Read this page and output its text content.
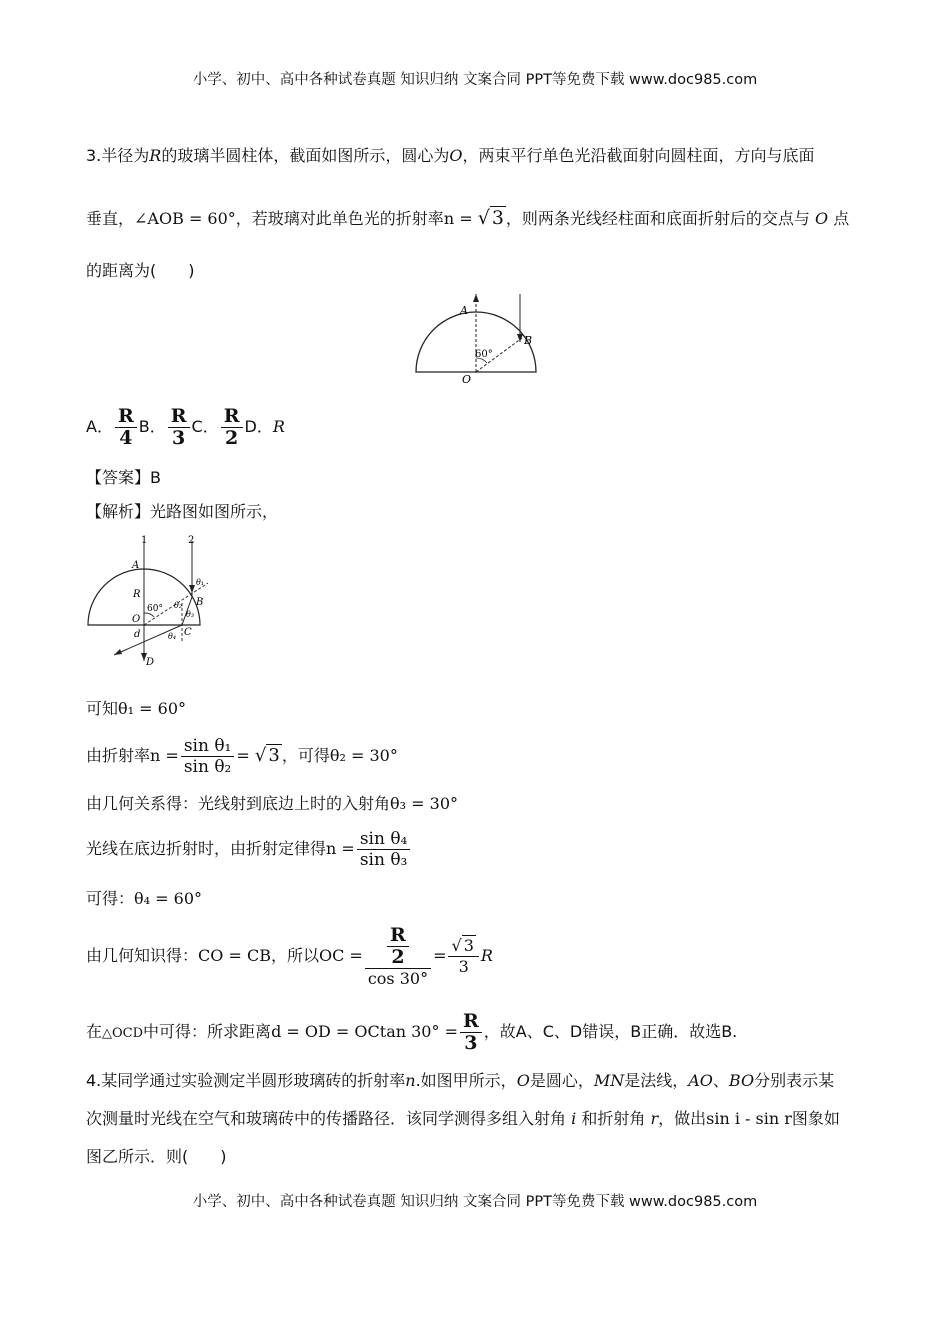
小学、初中、高中各种试卷真题 知识归纳 文案合同 PPT等免费下载 www.doc985.com
3.半径为R的玻璃半圆柱体，截面如图所示，圆心为O，两束平行单色光沿截面射向圆柱面，方向与底面
垂直，∠AOB = 60°，若玻璃对此单色光的折射率n = √ 3 ，则两条光线经柱面和底面折射后的交点与 O 点
的距离为(　　)
A
B
O
60°
A． $\frac{R}{4}$ B． $\frac{R}{3}$ C． $\frac{R}{2}$ D．R
【答案】B
【解析】光路图如图所示，
1	2
A
R
B
O
d	C
D
60°
θ₁
θ₂
θ₃
θ₄
可知θ₁ = 60°
由折射率$n = \frac{\text{sin θ₁}}{\text{sin θ₂}}$ = √ 3 ，可得θ₂ = 30°
由几何关系得：光线射到底边上时的入射角θ₃ = 30°
光线在底边折射时，由折射定律得$n = \frac{\text{sin θ₄}}{\text{sin θ₃}}$
可得：θ₄ = 60°
由几何知识得：CO = CB，所以OC = $\frac{\frac{R}{2}}{\cos 30^\circ} = \frac{√ 3}{3}$ R
在△OCD中可得：所求距离d = OD = OCtan $30^\circ = \frac{R}{3}$ ，故A、C、D错误，B正确．故选B.
4.某同学通过实验测定半圆形玻璃砖的折射率n.如图甲所示，O是圆心，MN是法线，AO、BO分别表示某
次测量时光线在空气和玻璃砖中的传播路径．该同学测得多组入射角 i 和折射角 r，做出sin i - sin r图象如
图乙所示．则(　　)
小学、初中、高中各种试卷真题 知识归纳 文案合同 PPT等免费下载 www.doc985.com
